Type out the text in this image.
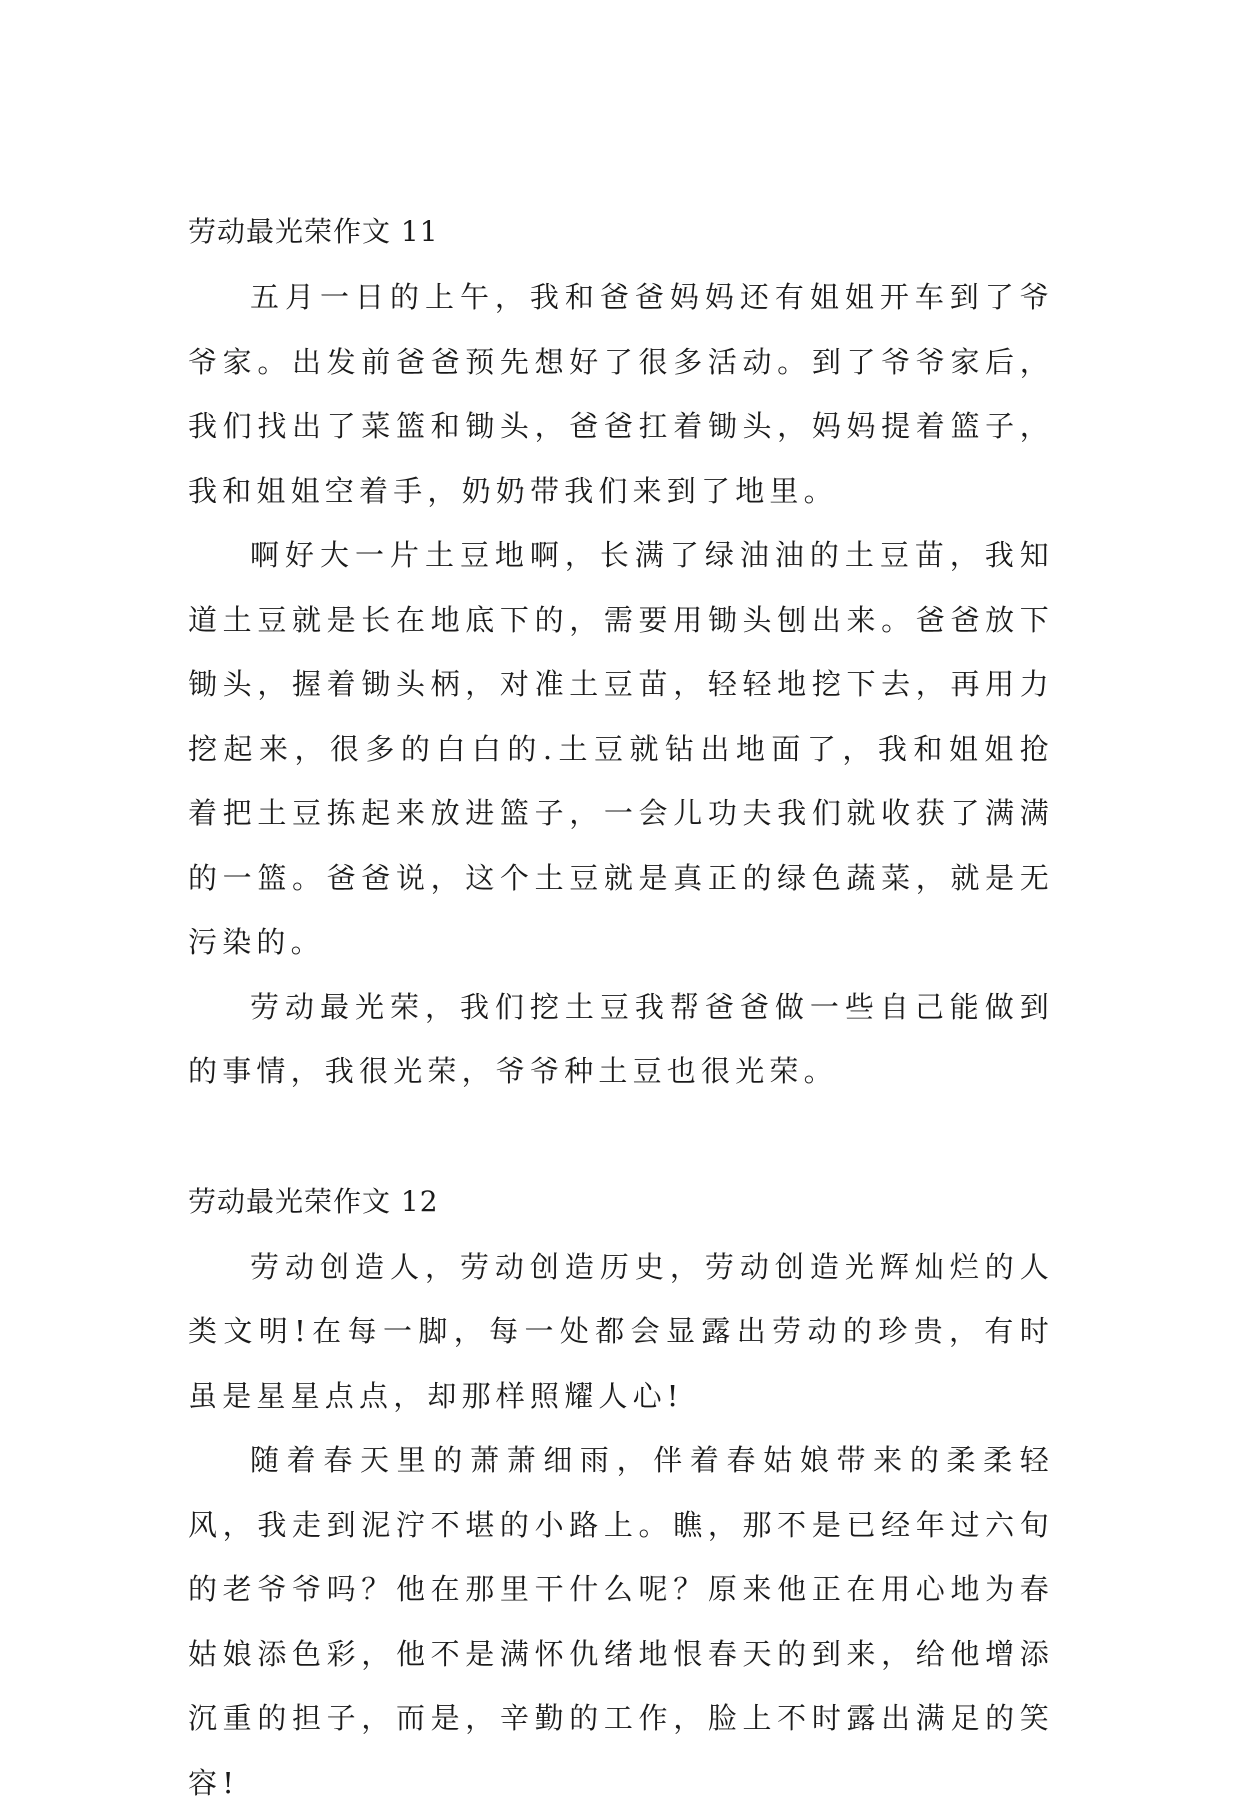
劳动最光荣作文 11

五月一日的上午，我和爸爸妈妈还有姐姐开车到了爷爷家。出发前爸爸预先想好了很多活动。到了爷爷家后，我们找出了菜篮和锄头，爸爸扛着锄头，妈妈提着篮子，我和姐姐空着手，奶奶带我们来到了地里。

啊好大一片土豆地啊，长满了绿油油的土豆苗，我知道土豆就是长在地底下的，需要用锄头刨出来。爸爸放下锄头，握着锄头柄，对准土豆苗，轻轻地挖下去，再用力挖起来，很多的白白的.土豆就钻出地面了，我和姐姐抢着把土豆拣起来放进篮子，一会儿功夫我们就收获了满满的一篮。爸爸说，这个土豆就是真正的绿色蔬菜，就是无污染的。

劳动最光荣，我们挖土豆我帮爸爸做一些自己能做到的事情，我很光荣，爷爷种土豆也很光荣。

劳动最光荣作文 12

劳动创造人，劳动创造历史，劳动创造光辉灿烂的人类文明!在每一脚，每一处都会显露出劳动的珍贵，有时虽是星星点点，却那样照耀人心!

随着春天里的萧萧细雨，伴着春姑娘带来的柔柔轻风，我走到泥泞不堪的小路上。瞧，那不是已经年过六旬的老爷爷吗？他在那里干什么呢？原来他正在用心地为春姑娘添色彩，他不是满怀仇绪地恨春天的到来，给他增添沉重的担子，而是，辛勤的工作，脸上不时露出满足的笑容!
